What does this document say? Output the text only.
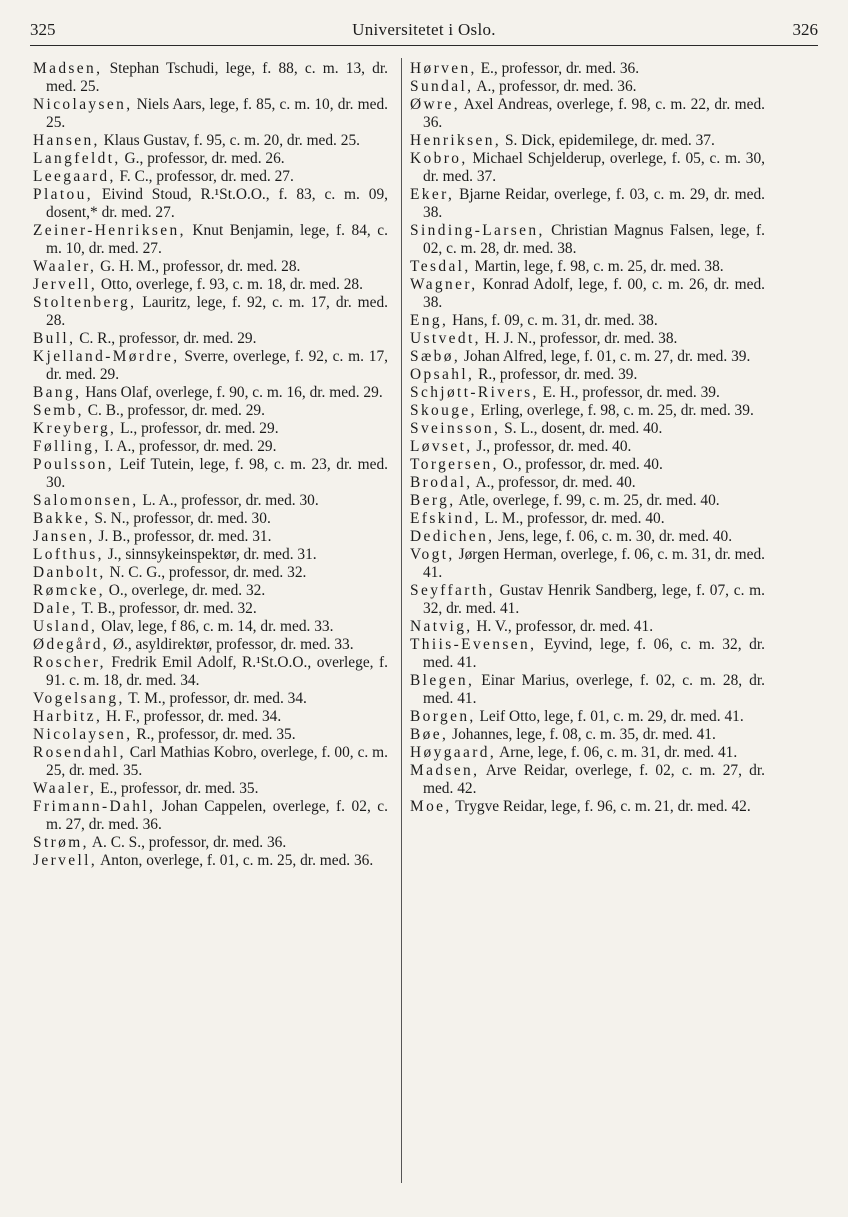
325	Universitetet i Oslo.	326

Madsen, Stephan Tschudi, lege, f. 88, c. m. 13, dr. med. 25.

Nicolaysen, Niels Aars, lege, f. 85, c. m. 10, dr. med. 25.

Hansen, Klaus Gustav, f. 95, c. m. 20, dr. med. 25.

Langfeldt, G., professor, dr. med. 26.

Leegaard, F. C., professor, dr. med. 27.

Platou, Eivind Stoud, R.¹St.O.O., f. 83, c. m. 09, dosent,* dr. med. 27.

Zeiner-Henriksen, Knut Benjamin, lege, f. 84, c. m. 10, dr. med. 27.

Waaler, G. H. M., professor, dr. med. 28.

Jervell, Otto, overlege, f. 93, c. m. 18, dr. med. 28.

Stoltenberg, Lauritz, lege, f. 92, c. m. 17, dr. med. 28.

Bull, C. R., professor, dr. med. 29.

Kjelland-Mørdre, Sverre, overlege, f. 92, c. m. 17, dr. med. 29.

Bang, Hans Olaf, overlege, f. 90, c. m. 16, dr. med. 29.

Semb, C. B., professor, dr. med. 29.

Kreyberg, L., professor, dr. med. 29.

Følling, I. A., professor, dr. med. 29.

Poulsson, Leif Tutein, lege, f. 98, c. m. 23, dr. med. 30.

Salomonsen, L. A., professor, dr. med. 30.

Bakke, S. N., professor, dr. med. 30.

Jansen, J. B., professor, dr. med. 31.

Lofthus, J., sinnsykeinspektør, dr. med. 31.

Danbolt, N. C. G., professor, dr. med. 32.

Rømcke, O., overlege, dr. med. 32.

Dale, T. B., professor, dr. med. 32.

Usland, Olav, lege, f 86, c. m. 14, dr. med. 33.

Ødegård, Ø., asyldirektør, professor, dr. med. 33.

Roscher, Fredrik Emil Adolf, R.¹St.O.O., overlege, f. 91. c. m. 18, dr. med. 34.

Vogelsang, T. M., professor, dr. med. 34.

Harbitz, H. F., professor, dr. med. 34.

Nicolaysen, R., professor, dr. med. 35.

Rosendahl, Carl Mathias Kobro, overlege, f. 00, c. m. 25, dr. med. 35.

Waaler, E., professor, dr. med. 35.

Frimann-Dahl, Johan Cappelen, overlege, f. 02, c. m. 27, dr. med. 36.

Strøm, A. C. S., professor, dr. med. 36.

Jervell, Anton, overlege, f. 01, c. m. 25, dr. med. 36.

Hørven, E., professor, dr. med. 36.

Sundal, A., professor, dr. med. 36.

Øwre, Axel Andreas, overlege, f. 98, c. m. 22, dr. med. 36.

Henriksen, S. Dick, epidemilege, dr. med. 37.

Kobro, Michael Schjelderup, overlege, f. 05, c. m. 30, dr. med. 37.

Eker, Bjarne Reidar, overlege, f. 03, c. m. 29, dr. med. 38.

Sinding-Larsen, Christian Magnus Falsen, lege, f. 02, c. m. 28, dr. med. 38.

Tesdal, Martin, lege, f. 98, c. m. 25, dr. med. 38.

Wagner, Konrad Adolf, lege, f. 00, c. m. 26, dr. med. 38.

Eng, Hans, f. 09, c. m. 31, dr. med. 38.

Ustvedt, H. J. N., professor, dr. med. 38.

Sæbø, Johan Alfred, lege, f. 01, c. m. 27, dr. med. 39.

Opsahl, R., professor, dr. med. 39.

Schjøtt-Rivers, E. H., professor, dr. med. 39.

Skouge, Erling, overlege, f. 98, c. m. 25, dr. med. 39.

Sveinsson, S. L., dosent, dr. med. 40.

Løvset, J., professor, dr. med. 40.

Torgersen, O., professor, dr. med. 40.

Brodal, A., professor, dr. med. 40.

Berg, Atle, overlege, f. 99, c. m. 25, dr. med. 40.

Efskind, L. M., professor, dr. med. 40.

Dedichen, Jens, lege, f. 06, c. m. 30, dr. med. 40.

Vogt, Jørgen Herman, overlege, f. 06, c. m. 31, dr. med. 41.

Seyffarth, Gustav Henrik Sandberg, lege, f. 07, c. m. 32, dr. med. 41.

Natvig, H. V., professor, dr. med. 41.

Thiis-Evensen, Eyvind, lege, f. 06, c. m. 32, dr. med. 41.

Blegen, Einar Marius, overlege, f. 02, c. m. 28, dr. med. 41.

Borgen, Leif Otto, lege, f. 01, c. m. 29, dr. med. 41.

Bøe, Johannes, lege, f. 08, c. m. 35, dr. med. 41.

Høygaard, Arne, lege, f. 06, c. m. 31, dr. med. 41.

Madsen, Arve Reidar, overlege, f. 02, c. m. 27, dr. med. 42.

Moe, Trygve Reidar, lege, f. 96, c. m. 21, dr. med. 42.
